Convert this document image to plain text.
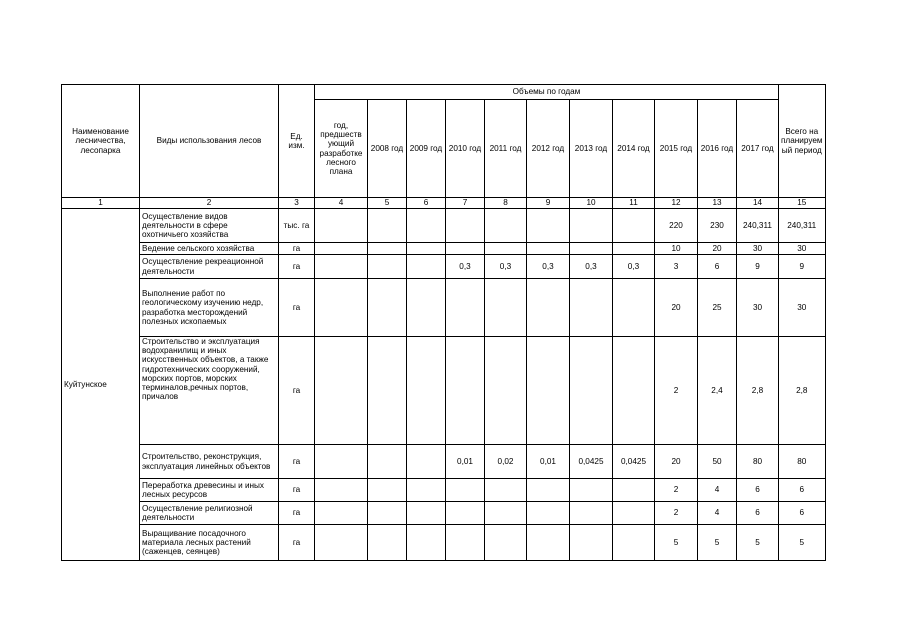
Наименование лесничества, лесопарка	Виды использования лесов	Ед. изм.	Объемы по годам											Всего на планируем ый период
			год, предшеств ующий разработке лесного плана	2008 год	2009 год	2010 год	2011 год	2012 год	2013 год	2014 год	2015 год	2016 год	2017 год	
1	2	3	4	5	6	7	8	9	10	11	12	13	14	15
Куйтунское	Осуществление видов деятельности в сфере охотничьего хозяйства	тыс. га									220	230	240,311	240,311
	Ведение сельского хозяйства	га									10	20	30	30
	Осуществление рекреационной деятельности	га				0,3	0,3	0,3	0,3	0,3	3	6	9	9
	Выполнение работ по геологическому изучению недр, разработка месторождений полезных ископаемых	га									20	25	30	30
	Строительство и эксплуатация водохранилищ и иных искусственных объектов, а также гидротехнических сооружений, морских портов, морских терминалов,речных портов, причалов	га									2	2,4	2,8	2,8
	Строительство, реконструкция, эксплуатация линейных объектов	га				0,01	0,02	0,01	0,0425	0,0425	20	50	80	80
	Переработка древесины и иных лесных ресурсов	га									2	4	6	6
	Осуществление религиозной деятельности	га									2	4	6	6
	Выращивание посадочного материала лесных растений (саженцев, сеянцев)	га									5	5	5	5
